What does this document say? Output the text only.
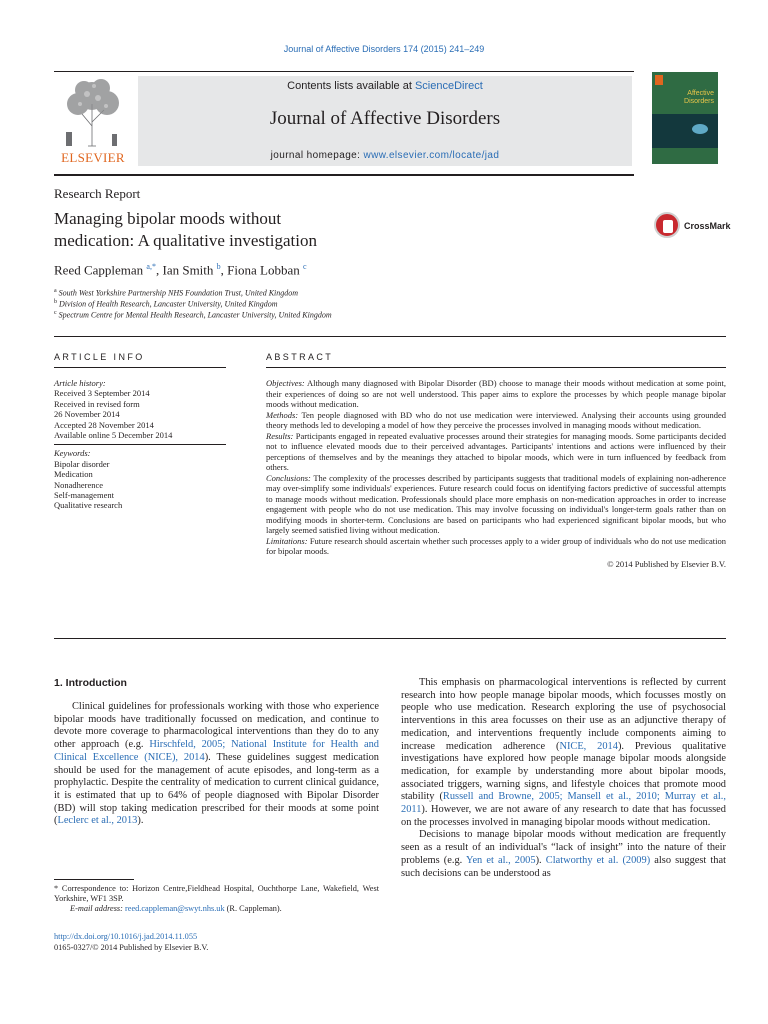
Journal of Affective Disorders 174 (2015) 241–249
ELSEVIER
Contents lists available at ScienceDirect
Journal of Affective Disorders
journal homepage: www.elsevier.com/locate/jad
Affective Disorders
Research Report
Managing bipolar moods without
medication: A qualitative investigation
CrossMark
Reed Cappleman $^{a,*}$, Ian Smith $^b$, Fiona Lobban $^c$
$^a$ South West Yorkshire Partnership NHS Foundation Trust, United Kingdom
$^b$ Division of Health Research, Lancaster University, United Kingdom
$^c$ Spectrum Centre for Mental Health Research, Lancaster University, United Kingdom
ARTICLE INFO	ABSTRACT
Article history:
Received 3 September 2014
Received in revised form
26 November 2014
Accepted 28 November 2014
Available online 5 December 2014
Keywords:
Bipolar disorder
Medication
Nonadherence
Self-management
Qualitative research

Objectives: Although many diagnosed with Bipolar Disorder (BD) choose to manage their moods without medication at some point, their experiences of doing so are not well understood. This paper aims to explore the processes by which people manage bipolar moods without medication.

Methods: Ten people diagnosed with BD who do not use medication were interviewed. Analysing their accounts using grounded theory methods led to developing a model of how they perceive the processes involved in managing moods without medication.

Results: Participants engaged in repeated evaluative processes around their strategies for managing moods. Some participants decided not to influence elevated moods due to their perceived advantages. Participants' intentions and actions were influenced by their perceptions of themselves and by the meanings they attached to bipolar moods, which were in turn influenced by feedback from others.

Conclusions: The complexity of the processes described by participants suggests that traditional models of explaining non-adherence may over-simplify some individuals' experiences. Future research could focus on identifying factors predictive of successful attempts to manage moods without medication. Professionals should place more emphasis on non-medication approaches in order to increase engagement with people who do not use medication. This may involve focussing on individual's longer-term goals rather than on modifying moods in shorter-term. Conclusions are based on participants who had experienced significant bipolar moods, but who largely seemed satisfied living without medication.

Limitations: Future research should ascertain whether such processes apply to a wider group of individuals who do not use medication for bipolar moods.

© 2014 Published by Elsevier B.V.

1. Introduction

Clinical guidelines for professionals working with those who experience bipolar moods have traditionally focussed on medication, and continue to devote more coverage to pharmacological interventions than they do to any other approach (e.g. Hirschfeld, 2005; National Institute for Health and Clinical Excellence (NICE), 2014). These guidelines suggest medication should be used for the management of acute episodes, and long-term as a prophylactic. Despite the centrality of medication to current clinical guidance, it is estimated that up to 64% of people diagnosed with Bipolar Disorder (BD) will stop taking medication prescribed for their moods at some point (Leclerc et al., 2013).

This emphasis on pharmacological interventions is reflected by current research into how people manage bipolar moods, which focusses mostly on people who use medication. Research exploring the use of psychosocial interventions in this area focusses on their use as an adjunctive therapy of medication, and interventions frequently include components aiming to increase medication adherence (NICE, 2014). Previous qualitative investigations have explored how people manage bipolar moods alongside medication, for example by understanding more about bipolar moods, associated triggers, warning signs, and lifestyle choices that promote mood stability (Russell and Browne, 2005; Mansell et al., 2010; Murray et al., 2011). However, we are not aware of any research to date that has focussed on the processes involved in managing bipolar moods without medication.

Decisions to manage bipolar moods without medication are frequently seen as a result of an individual's “lack of insight” into the nature of their problems (e.g. Yen et al., 2005). Clatworthy et al. (2009) also suggest that such decisions can be understood as

* Correspondence to: Horizon Centre,Fieldhead Hospital, Ouchthorpe Lane, Wakefield, West Yorkshire, WF1 3SP.
E-mail address: reed.cappleman@swyt.nhs.uk (R. Cappleman).
http://dx.doi.org/10.1016/j.jad.2014.11.055
0165-0327/© 2014 Published by Elsevier B.V.
